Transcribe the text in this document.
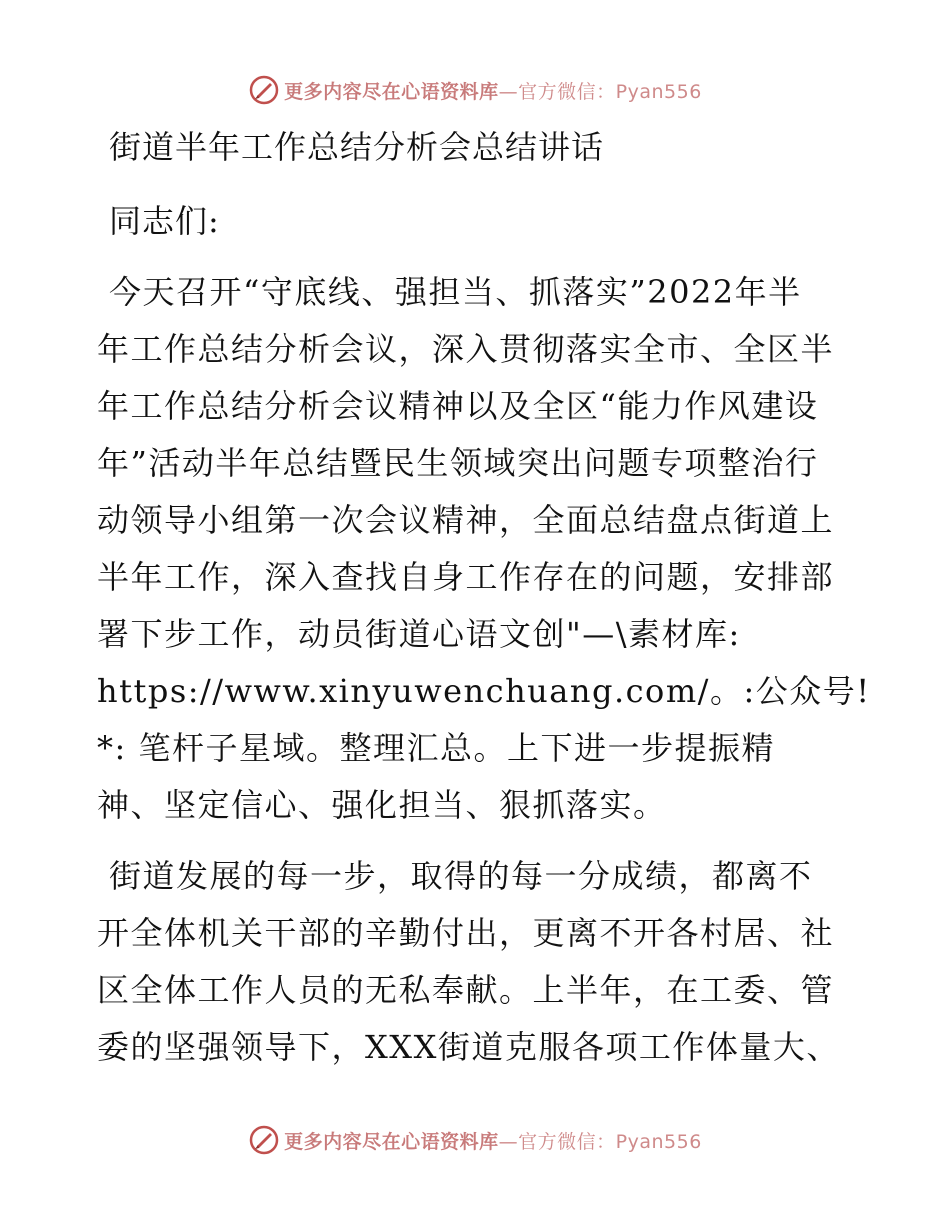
更多内容尽在心语资料库—官方微信：Pyan556
街道半年工作总结分析会总结讲话
同志们:
今天召开“守底线、强担当、抓落实”2022年半
年工作总结分析会议，深入贯彻落实全市、全区半
年工作总结分析会议精神以及全区“能力作风建设
年”活动半年总结暨民生领域突出问题专项整治行
动领导小组第一次会议精神，全面总结盘点街道上
半年工作，深入查找自身工作存在的问题，安排部
署下步工作，动员街道心语文创"—\素材库:
https://www.xinyuwenchuang.com/。:公众号!
*: 笔杆子星域。整理汇总。上下进一步提振精
神、坚定信心、强化担当、狠抓落实。
街道发展的每一步，取得的每一分成绩，都离不
开全体机关干部的辛勤付出，更离不开各村居、社
区全体工作人员的无私奉献。上半年，在工委、管
委的坚强领导下，XXX街道克服各项工作体量大、
更多内容尽在心语资料库—官方微信：Pyan556
